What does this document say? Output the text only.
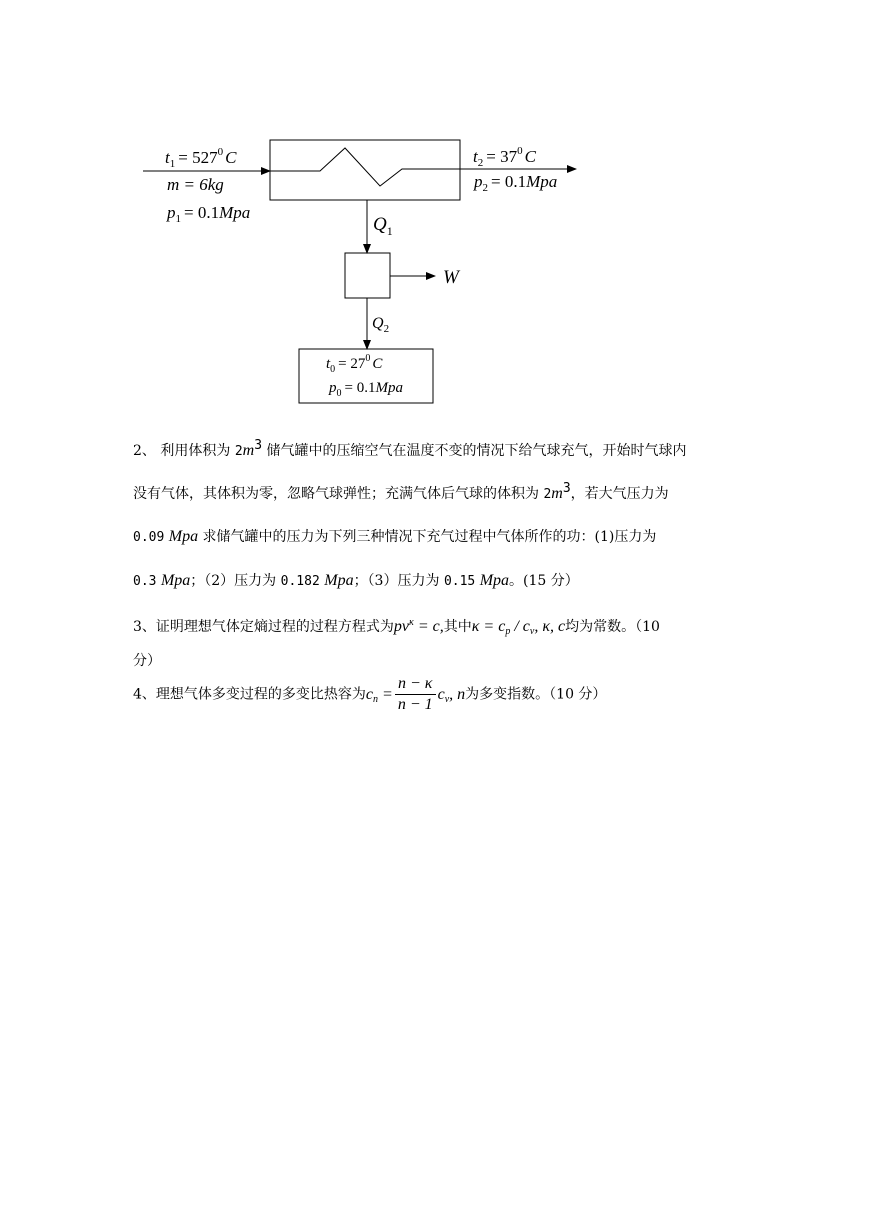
$t_1 = 527^0$ C
m = 6kg
$p_1 = 0.1Mpa$
$t_2 = 37^0$ C
$p_2 = 0.1Mpa$
$Q_1$
W
$Q_2$
$t_0 = 27^0$ C
$p_0 = 0.1Mpa$
2、 利用体积为 $2m^3$ 储气罐中的压缩空气在温度不变的情况下给气球充气，开始时气球内
没有气体，其体积为零，忽略气球弹性；充满气体后气球的体积为 $2m^3$，若大气压力为
0.09 Mpa 求储气罐中的压力为下列三种情况下充气过程中气体所作的功：(1)压力为
0.3 Mpa；（2）压力为 0.182 Mpa；（3）压力为 0.15 Mpa。(15 分）
3、证明理想气体定熵过程的过程方程式为$pv^\kappa = c$,其中$\kappa = c_p / c_v$, κ, c均为常数。（10
分）
4、理想气体多变过程的多变比热容为$c_n = \frac{n - \kappa}{n - 1} c_v$, n为多变指数。（10 分）
